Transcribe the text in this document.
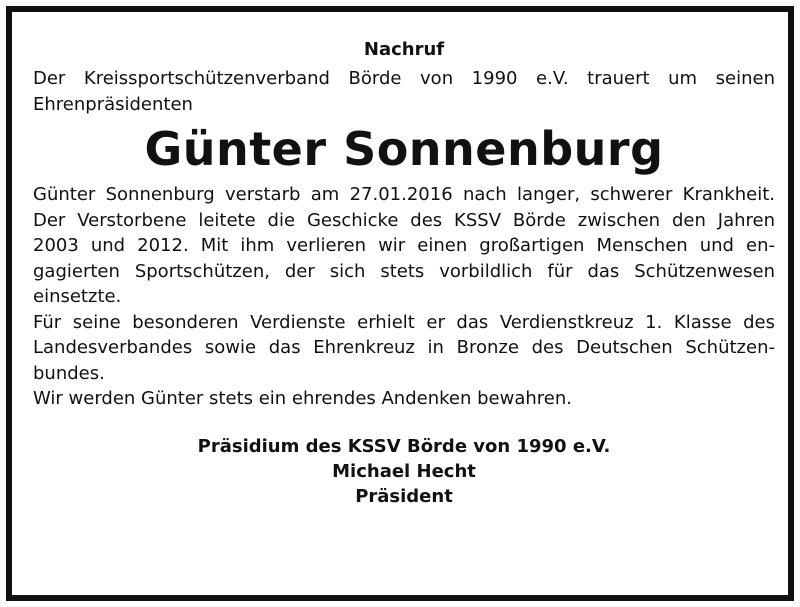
Nachruf
Der Kreissportschützenverband Börde von 1990 e.V. trauert um seinen
Ehrenpräsidenten
Günter Sonnenburg
Günter Sonnenburg verstarb am 27.01.2016 nach langer, schwerer Krankheit.
Der Verstorbene leitete die Geschicke des KSSV Börde zwischen den Jahren
2003 und 2012. Mit ihm verlieren wir einen großartigen Menschen und en-
gagierten Sportschützen, der sich stets vorbildlich für das Schützenwesen
einsetzte.
Für seine besonderen Verdienste erhielt er das Verdienstkreuz 1. Klasse des
Landesverbandes sowie das Ehrenkreuz in Bronze des Deutschen Schützen-
bundes.
Wir werden Günter stets ein ehrendes Andenken bewahren.
Präsidium des KSSV Börde von 1990 e.V.
Michael Hecht
Präsident
